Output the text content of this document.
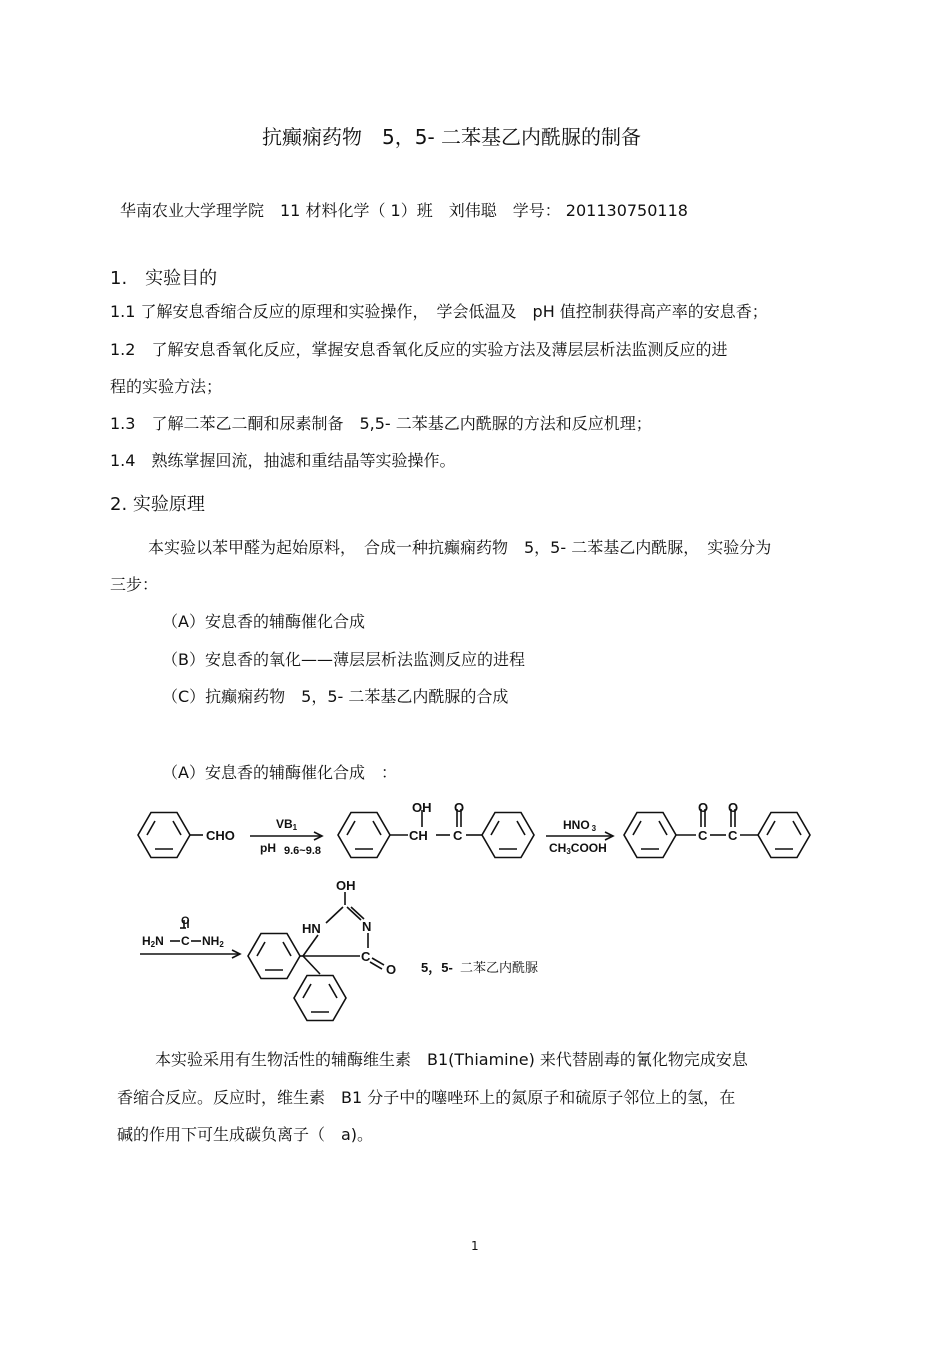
抗癫痫药物　5，5- 二苯基乙内酰脲的制备
华南农业大学理学院　11 材料化学（ 1）班　刘伟聪　学号： 201130750118
1.　实验目的
1.1 了解安息香缩合反应的原理和实验操作，　学会低温及　pH 值控制获得高产率的安息香；
1.2　了解安息香氧化反应，掌握安息香氧化反应的实验方法及薄层层析法监测反应的进
程的实验方法；
1.3　了解二苯乙二酮和尿素制备　5,5- 二苯基乙内酰脲的方法和反应机理；
1.4　熟练掌握回流，抽滤和重结晶等实验操作。
2. 实验原理
本实验以苯甲醛为起始原料，　合成一种抗癫痫药物　5，5- 二苯基乙内酰脲，　实验分为
三步：
（A）安息香的辅酶催化合成
（B）安息香的氧化——薄层层析法监测反应的进程
（C）抗癫痫药物　5，5- 二苯基乙内酰脲的合成
（A）安息香的辅酶催化合成　：
CHO
VB1
pH 9.6~9.8
OH O
CH C
HNO 3
CH3COOH
O O
C C
O
H2N C NH2
OH
HN	N
C
O 5，5- 二苯乙内酰脲
本实验采用有生物活性的辅酶维生素　B1(Thiamine) 来代替剧毒的氰化物完成安息
香缩合反应。反应时，维生素　B1 分子中的噻唑环上的氮原子和硫原子邻位上的氢，在
碱的作用下可生成碳负离子（　a)。
1
